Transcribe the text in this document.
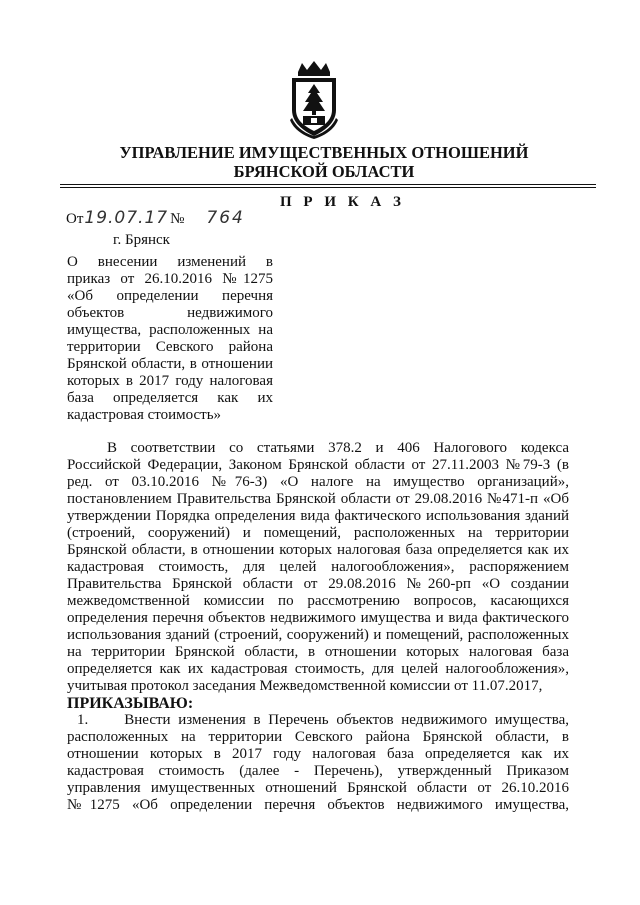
УПРАВЛЕНИЕ ИМУЩЕСТВЕННЫХ ОТНОШЕНИЙ
БРЯНСКОЙ ОБЛАСТИ
П Р И К А З
От19.07.17 № 764
г. Брянск
О внесении изменений в
приказ от 26.10.2016 №1275
«Об определении перечня
объектов недвижимого
имущества, расположенных на
территории Севского района
Брянской области, в отношении
которых в 2017 году налоговая
база определяется как их
кадастровая стоимость»
В соответствии со статьями 378.2 и 406 Налогового кодекса
Российской Федерации, Законом Брянской области от 27.11.2003 №79-З (в
ред. от 03.10.2016 №76-З) «О налоге на имущество организаций»,
постановлением Правительства Брянской области от 29.08.2016 №471-п «Об
утверждении Порядка определения вида фактического использования зданий
(строений, сооружений) и помещений, расположенных на территории
Брянской области, в отношении которых налоговая база определяется как их
кадастровая стоимость, для целей налогообложения», распоряжением
Правительства Брянской области от 29.08.2016 №260-рп «О создании
межведомственной комиссии по рассмотрению вопросов, касающихся
определения перечня объектов недвижимого имущества и вида фактического
использования зданий (строений, сооружений) и помещений, расположенных
на территории Брянской области, в отношении которых налоговая база
определяется как их кадастровая стоимость, для целей налогообложения»,
учитывая протокол заседания Межведомственной комиссии от 11.07.2017,
ПРИКАЗЫВАЮ:
1. Внести изменения в Перечень объектов недвижимого имущества,
расположенных на территории Севского района Брянской области, в
отношении которых в 2017 году налоговая база определяется как их
кадастровая стоимость (далее - Перечень), утвержденный Приказом
управления имущественных отношений Брянской области от 26.10.2016
№1275 «Об определении перечня объектов недвижимого имущества,
